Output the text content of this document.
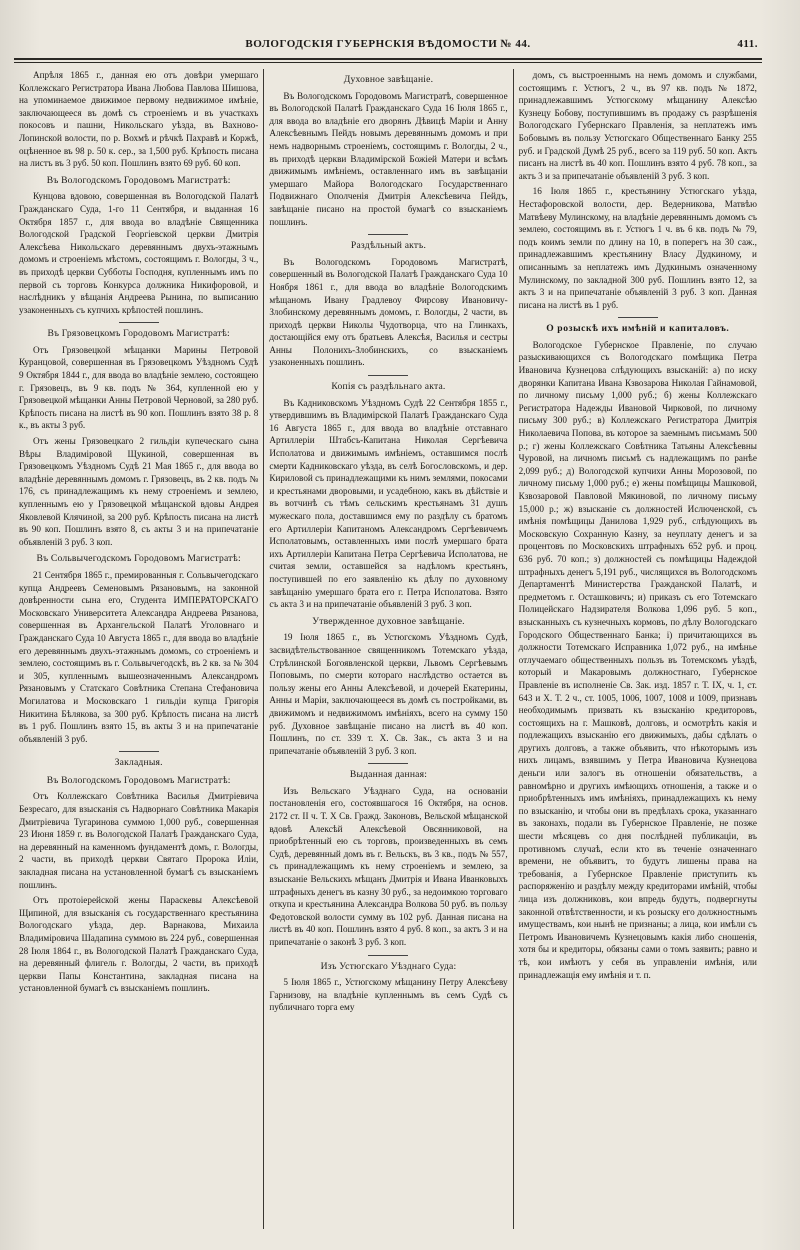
ВОЛОГОДСКІЯ ГУБЕРНСКІЯ ВѢДОМОСТИ № 44.	411.

Апрѣля 1865 г., данная ею отъ довѣри умершаго Коллежскаго Регистратора Ивана Любова Павлова Шишова, на упоминаемое движимое первому недвижимое имѣніе, заключающееся въ домѣ съ строеніемъ и въ участкахъ покосовъ и пашни, Никольскаго уѣзда, въ Вахново-Лопинской волости, по р. Вохмѣ и рѣчкѣ Пахравѣ и Коржѣ, оцѣненное въ 98 р. 50 к. сер., за 1,500 руб. Крѣпость писана на листъ въ 3 руб. 50 коп. Пошлинъ взято 69 руб. 60 коп.

Въ Вологодскомъ Городовомъ Магистратѣ:

Кунцова вдовою, совершенная въ Вологодской Палатѣ Гражданскаго Суда, 1-го 11 Сентября, и выданная 16 Октября 1857 г., для ввода во владѣніе Священника Вологодской Градской Георгіевской церкви Дмитрія Алексѣева Никольскаго деревяннымъ двухъ-этажнымъ домомъ и строеніемъ мѣстомъ, состоящимъ г. Вологды, 3 ч., въ приходѣ церкви Субботы Господня, купленнымъ имъ по первой съ торговъ Конкурса должника Никифоровой, и наслѣдникъ у вѣщанія Андреева Рынина, по выписанию узаконенныхъ съ купчихъ крѣпостей пошлинъ.

Въ Грязовецкомъ Городовомъ Магистратѣ:

Отъ Грязовецкой мѣщанки Марины Петровой Куранцовой, совершенная въ Грязовецкомъ Уѣздномъ Судѣ 9 Октября 1844 г., для ввода во владѣніе землею, состоящею г. Грязовецъ, въ 9 кв. подъ № 364, купленной ею у Грязовецкой мѣщанки Анны Петровой Черновой, за 280 руб. Крѣпость писана на листѣ въ 90 коп. Пошлинъ взято 38 р. 8 к., въ акты 3 руб.

Отъ жены Грязовецкаго 2 гильдіи купеческаго сына Вѣры Владиміровой Щукиной, совершенная въ Грязовецкомъ Уѣздномъ Судѣ 21 Мая 1865 г., для ввода во владѣніе деревяннымъ домомъ г. Грязовецъ, въ 2 кв. подъ № 176, съ принадлежащимъ къ нему строеніемъ и землею, купленнымъ ею у Грязовецкой мѣщанской вдовы Андрея Яковлевой Клячиной, за 200 руб. Крѣпость писана на листѣ въ 90 коп. Пошлинъ взято 8, съ акты 3 и на припечатаніе объявленій 3 руб. 3 коп.

Въ Сольвычегодскомъ Городовомъ Магистратѣ:

21 Сентября 1865 г., премированныя г. Сольвычегодскаго купца Андреевъ Семеновымъ Рязановымъ, на законной довѣренности сына его, Студента ИМПЕРАТОРСКАГО Московскаго Университета Александра Андреева Рязанова, совершенная въ Архангельской Палатѣ Уголовнаго и Гражданскаго Суда 10 Августа 1865 г., для ввода во владѣніе его деревяннымъ двухъ-этажнымъ домомъ, со строеніемъ и землею, состоящимъ въ г. Сольвычегодскѣ, въ 2 кв. за № 304 и 305, купленнымъ вышеозначеннымъ Александромъ Рязановымъ у Статскаго Совѣтника Степана Стефановича Могилатова и Московскаго 1 гильдіи купца Григорія Никитина Бѣлякова, за 300 руб. Крѣпость писана на листѣ въ 1 руб. Пошлинъ взято 15, въ акты 3 и на припечатаніе объявленій 3 руб.

Закладныя.
Въ Вологодскомъ Городовомъ Магистратѣ:

Отъ Коллежскаго Совѣтника Василья Дмитріевича Безресаго, для взысканія съ Надворнаго Совѣтника Макарія Дмитріевича Тугаринова суммою 1,000 руб., совершенная 23 Июня 1859 г. въ Вологодской Палатѣ Гражданскаго Суда, на деревянный на каменномъ фундаментѣ домъ, г. Вологды, 2 части, въ приходѣ церкви Святаго Пророка Иліи, закладная писана на установленной бумагѣ съ взысканіемъ пошлинъ.

Отъ протоіерейской жены Параскевы Алексѣевой Щипиной, для взысканія съ государственнаго крестьянина Вологодскаго уѣзда, дер. Варнакова, Михаила Владиміровича Шадапина суммою въ 224 руб., совершенная 28 Іюля 1864 г., въ Вологодской Палатѣ Гражданскаго Суда, на деревянный флигель г. Вологды, 2 части, въ приходѣ церкви Папы Константина, закладная писана на установленной бумагѣ съ взысканіемъ пошлинъ.

Духовное завѣщаніе.

Въ Вологодскомъ Городовомъ Магистратѣ, совершенное въ Вологодской Палатѣ Гражданскаго Суда 16 Іюля 1865 г., для ввода во владѣніе его дворянъ Дѣвицѣ Маріи и Анну Алексѣевнымъ Пейдъ новымъ деревяннымъ домомъ и при немъ надворнымъ строеніемъ, состоящимъ г. Вологды, 2 ч., въ приходѣ церкви Владимірской Божіей Матери и всѣмъ движимымъ имѣніемъ, оставленнаго имъ въ завѣщаніи умершаго Майора Вологодскаго Государственнаго Подвижнаго Ополченія Дмитрія Алексѣевича Пейдъ, завѣщаніе писано на простой бумагѣ со взысканіемъ пошлинъ.

Раздѣльный актъ.

Въ Вологодскомъ Городовомъ Магистратѣ, совершенный въ Вологодской Палатѣ Гражданскаго Суда 10 Ноября 1861 г., для ввода во владѣніе Вологодскимъ мѣщаномъ Ивану Градлевоу Фирсову Ивановичу-Злобинскому деревяннымъ домомъ, г. Вологды, 2 части, въ приходѣ церкви Николы Чудотворца, что на Глинкахъ, достающійся ему отъ братьевъ Алексѣя, Василья и сестры Анны Полонихъ-Злобинскихъ, со взысканіемъ узаконенныхъ пошлинъ.

Копія съ раздѣльнаго акта.

Въ Кадниковскомъ Уѣздномъ Судѣ 22 Сентября 1855 г., утвердившимъ въ Владимірской Палатѣ Гражданскаго Суда 16 Августа 1865 г., для ввода во владѣніе отставнаго Артиллеріи Штабсъ-Капитана Николая Сергѣевича Исполатова и движимымъ имѣніемъ, оставшимся послѣ смерти Кадниковскаго уѣзда, въ селѣ Богословскомъ, и дер. Кириловой съ принадлежащими къ нимъ землями, покосами и крестьянами дворовыми, и усадебною, какъ въ дѣйствіе и въ вотчинѣ съ тѣмъ сельскимъ крестьянамъ 31 душъ мужескаго пола, доставшимся ему по раздѣлу съ братомъ его Артиллеріи Капитаномъ Александромъ Сергѣевичемъ Исполатовымъ, оставленныхъ ими послѣ умершаго брата ихъ Артиллеріи Капитана Петра Сергѣевича Исполатова, не считая земли, оставшейся за надѣломъ крестьянъ, поступившей по его заявленію къ дѣлу по духовному завѣщанію умершаго брата его г. Петра Исполатова. Взято съ акта 3 и на припечатаніе объявленій 3 руб. 3 коп.

Утвержденное духовное завѣщаніе.

19 Іюля 1865 г., въ Устюгскомъ Уѣздномъ Судѣ, засвидѣтельствованное священникомъ Тотемскаго уѣзда, Стрѣлинской Богоявленской церкви, Львомъ Сергѣевымъ Поповымъ, по смерти котораго наслѣдство остается въ пользу жены его Анны Алексѣевой, и дочерей Екатерины, Анны и Маріи, заключающееся въ домѣ съ постройками, въ движимомъ и недвижимомъ имѣніяхъ, всего на сумму 150 руб. Духовное завѣщаніе писано на листѣ въ 40 коп. Пошлинъ, по ст. 339 т. X. Св. Зак., съ акта 3 и на припечатаніе объявленій 3 руб. 3 коп.

Выданная данная:

Изъ Вельскаго Уѣзднаго Суда, на основаніи постановленія его, состоявшагося 16 Октября, на основ. 2172 ст. II ч. Т. Х Св. Гражд. Законовъ, Вельской мѣщанской вдовѣ Алексѣй Алексѣевой Овсянниковой, на приобрѣтенный ею съ торговъ, произведенныхъ въ семъ Судѣ, деревянный домъ въ г. Вельскъ, въ 3 кв., подъ № 557, съ принадлежащимъ къ нему строеніемъ и землею, за взысканіе Вельскихъ мѣщанъ Дмитрія и Ивана Иванковыхъ штрафныхъ денегъ въ казну 30 руб., за недоимкою торговаго откупа и крестьянина Александра Волкова 50 руб. въ пользу Федотовской волости сумму въ 102 руб. Данная писана на листѣ въ 40 коп. Пошлинъ взято 4 руб. 8 коп., за актъ 3 и на припечатаніе о законѣ 3 руб. 3 коп.

Изъ Устюгскаго Уѣзднаго Суда:

5 Іюля 1865 г., Устюгскому мѣщанину Петру Алексѣеву Гарнизову, на владѣніе купленнымъ въ семъ Судѣ съ публичнаго торга ему

домъ, съ выстроеннымъ на немъ домомъ и службами, состоящимъ г. Устюгъ, 2 ч., въ 97 кв. подъ № 1872, принадлежавшимъ Устюгскому мѣщанину Алексѣю Кузнецу Бобову, поступившимъ въ продажу съ разрѣшенія Вологодскаго Губернскаго Правленія, за неплатежъ имъ Бобовымъ въ пользу Устюгскаго Общественнаго Банку 255 руб. и Градской Думѣ 25 руб., всего за 119 руб. 50 коп. Актъ писанъ на листѣ въ 40 коп. Пошлинъ взято 4 руб. 78 коп., за актъ 3 и за припечатаніе объявленій 3 руб. 3 коп.

16 Іюля 1865 г., крестьянину Устюгскаго уѣзда, Нестафоровской волости, дер. Ведерникова, Матвѣю Матвѣеву Мулинскому, на владѣніе деревяннымъ домомъ съ землею, состоящимъ въ г. Устюгъ 1 ч. въ 6 кв. подъ № 79, подъ коимъ земли по длину на 10, в поперегъ на 30 саж., принадлежавшимъ крестьянину Власу Дудкиному, и описаннымъ за неплатежъ имъ Дудкинымъ означенному Мулинскому, по закладной 300 руб. Пошлинъ взято 12, за актъ 3 и на припечатаніе объявленій 3 руб. 3 коп. Данная писана на листѣ въ 1 руб.

О розыскѣ ихъ имѣній и капиталовъ.

Вологодское Губернское Правленіе, по случаю разыскивающихся съ Вологодскаго помѣщика Петра Ивановича Кузнецова слѣдующихъ взысканій: а) по иску дворянки Капитана Ивана Кзвозарова Николая Гайнамовой, по личному письму 1,000 руб.; б) жены Коллежскаго Регистратора Надежды Ивановой Чирковой, по личному письму 300 руб.; в) Коллежскаго Регистратора Дмитрія Николаевича Попова, въ которое за заемнымъ письмамъ 500 р.; г) жены Коллежскаго Совѣтника Татьяны Алексѣевны Чуровой, на личномъ письмѣ съ надлежащимъ по ранѣе 2,099 руб.; д) Вологодской купчихи Анны Морозовой, по личному письму 1,000 руб.; е) жены помѣщицы Машковой, Кзвозаровой Павловой Мякиновой, по личному письму 15,000 р.; ж) взысканіе съ должностей Ислюченской, съ имѣнія помѣщицы Данилова 1,929 руб., слѣдующихъ въ Московскую Сохранную Казну, за неуплату денегъ и за процентовъ по Московскихъ штрафныхъ 652 руб. и проц. 636 руб. 70 коп.; з) должностей съ помѣщицы Надеждой штрафныхъ денегъ 5,191 руб., числящихся въ Вологодскомъ Департаментѣ Министерства Гражданской Палатѣ, и предметомъ г. Осташковичъ; и) приказъ съ его Тотемскаго Полицейскаго Надзирателя Волкова 1,096 руб. 5 коп., взысканныхъ съ кузнечныхъ кормовъ, по дѣлу Вологодскаго Городского Общественнаго Банка; і) причитающихся въ должности Тотемскаго Исправника 1,072 руб., на имѣнье отлучаемаго общественныхъ пользъ въ Тотемскомъ уѣздѣ, который и Макаровымъ должностнаго, Губернское Правленіе въ исполненіе Св. Зак. изд. 1857 г. Т. IX, ч. 1, ст. 643 и Х. Т. 2 ч., ст. 1005, 1006, 1007, 1008 и 1009, признавъ необходимымъ призвать къ взысканію кредиторовъ, состоящихъ на г. Машковѣ, долговъ, и осмотрѣть какія и подлежащихъ взысканію его движимыхъ, дабы сдѣлать о другихъ долговъ, а также объявить, что нѣкоторымъ изъ нихъ лицамъ, взявшимъ у Петра Ивановича Кузнецова деньги или залогъ въ отношеніи обязательствъ, а равномѣрно и другихъ имѣющихъ отношенія, а также и о приобрѣтенныхъ имъ имѣніяхъ, принадлежащихъ къ нему по взысканію, и чтобы они въ предѣлахъ срока, указаннаго въ законахъ, подали въ Губернское Правленіе, не позже шести мѣсяцевъ со дня послѣдней публикаціи, въ противномъ случаѣ, если кто въ теченіе означеннаго времени, не объявитъ, то будутъ лишены права на требованія, а Губернское Правленіе приступить къ распоряженію и раздѣлу между кредиторами имѣній, чтобы лица изъ должниковъ, кои впредь будутъ, подвергнуты законной отвѣтственности, и къ розыску его должностнымъ имуществамъ, кои нынѣ не признаны; а лица, кои имѣли съ Петромъ Ивановичемъ Кузнецовымъ какія либо сношенія, хотя бы и кредиторы, обязаны сами о томъ заявить; равно и тѣ, кои имѣютъ у себя въ управленіи имѣнія, или принадлежащія ему имѣнія и т. п.
